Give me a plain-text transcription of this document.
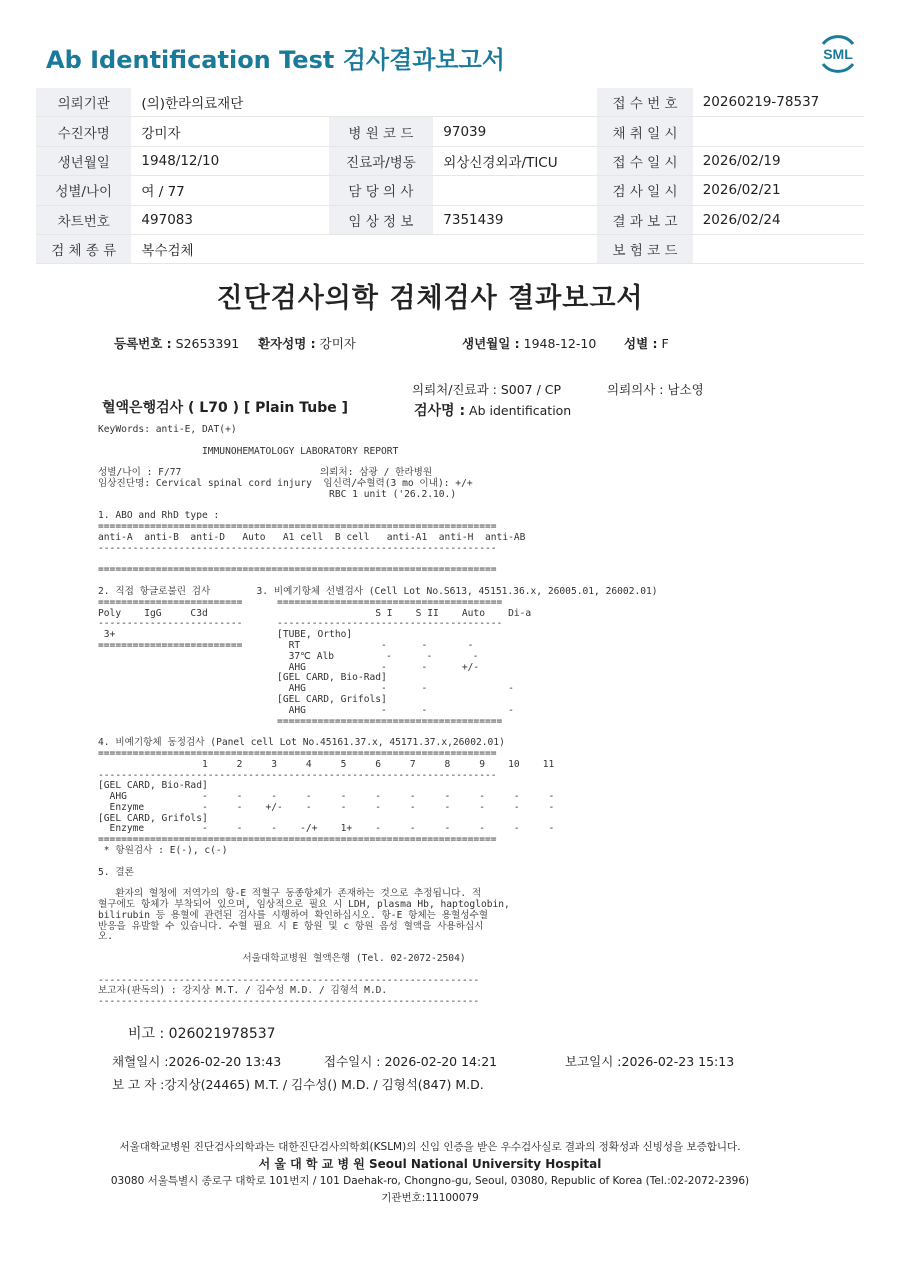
Ab Identification Test 검사결과보고서	SML
의뢰기관	(의)한라의료재단			접 수 번 호	20260219-78537
수진자명	강미자	병 원 코 드	97039	채 취 일 시	
생년월일	1948/12/10	진료과/병동	외상신경외과/TICU	접 수 일 시	2026/02/19
성별/나이	여 / 77	담 당 의 사		검 사 일 시	2026/02/21
차트번호	497083	임 상 정 보	7351439	결 과 보 고	2026/02/24
검 체 종 류	복수검체			보 험 코 드	
진단검사의학 검체검사 결과보고서
등록번호 : S2653391 환자성명 : 강미자	생년월일 : 1948-12-10 성별 : F
의뢰처/진료과 : S007 / CP	의뢰의사 : 남소영
혈액은행검사 ( L70 ) [ Plain Tube ]	검사명 : Ab identification
KeyWords: anti-E, DAT(+)

IMMUNOHEMATOLOGY LABORATORY REPORT

성별/나이 : F/77                        의뢰처: 삼광 / 한라병원
임상진단명: Cervical spinal cord injury  임신력/수혈력(3 mo 이내): +/+
RBC 1 unit ('26.2.10.)

1. ABO and RhD type :
=====================================================================
anti-A  anti-B  anti-D   Auto   A1 cell  B cell   anti-A1  anti-H  anti-AB
---------------------------------------------------------------------

=====================================================================

2. 직접 항글로불린 검사        3. 비예기항체 선별검사 (Cell Lot No.S613, 45151.36.x, 26005.01, 26002.01)
=========================      =======================================
Poly    IgG     C3d                             S I    S II    Auto    Di-a
-------------------------      ---------------------------------------
3+                            [TUBE, Ortho]
=========================        RT              -      -       -
37℃ Alb         -      -       -
AHG             -      -      +/-
[GEL CARD, Bio-Rad]
AHG             -      -              -
[GEL CARD, Grifols]
AHG             -      -              -
=======================================

4. 비예기항체 동정검사 (Panel cell Lot No.45161.37.x, 45171.37.x,26002.01)
=====================================================================
1     2     3     4     5     6     7     8     9    10    11
---------------------------------------------------------------------
[GEL CARD, Bio-Rad]
AHG             -     -     -     -     -     -     -     -     -     -     -
Enzyme          -     -    +/-    -     -     -     -     -     -     -     -
[GEL CARD, Grifols]
Enzyme          -     -     -    -/+    1+    -     -     -     -     -     -
=====================================================================
* 항원검사 : E(-), c(-)

5. 결론

환자의 혈청에 저역가의 항-E 적혈구 동종항체가 존재하는 것으로 추정됩니다. 적
혈구에도 항체가 부착되어 있으며, 임상적으로 필요 시 LDH, plasma Hb, haptoglobin,
bilirubin 등 용혈에 관련된 검사를 시행하여 확인하십시오. 항-E 항체는 용혈성수혈
반응을 유발할 수 있습니다. 수혈 필요 시 E 항원 및 c 항원 음성 혈액을 사용하십시
오.

서울대학교병원 혈액은행 (Tel. 02-2072-2504)

------------------------------------------------------------------
보고자(판독의) : 강지상 M.T. / 김수성 M.D. / 김형석 M.D.
------------------------------------------------------------------
비고 : 026021978537
채혈일시 :2026-02-20 13:43	접수일시 : 2026-02-20 14:21	보고일시 :2026-02-23 15:13
보 고 자 :강지상(24465) M.T. / 김수성() M.D. / 김형석(847) M.D.
서울대학교병원 진단검사의학과는 대한진단검사의학회(KSLM)의 신임 인증을 받은 우수검사실로 결과의 정확성과 신빙성을 보증합니다.
서 울 대 학 교 병 원 Seoul National University Hospital
03080 서울특별시 종로구 대학로 101번지 / 101 Daehak-ro, Chongno-gu, Seoul, 03080, Republic of Korea (Tel.:02-2072-2396)
기관번호:11100079
